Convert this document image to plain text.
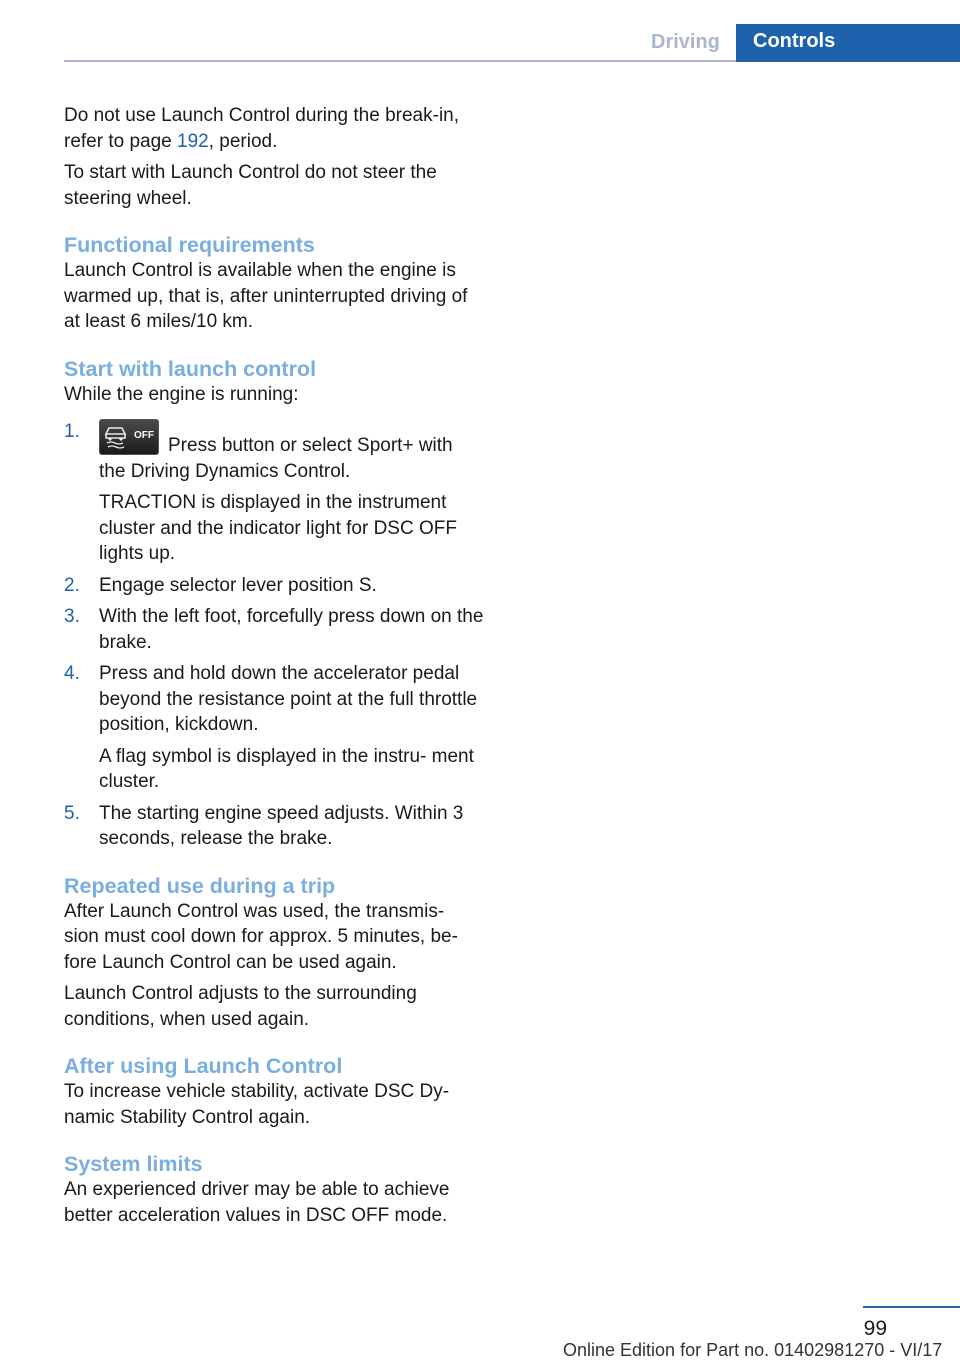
Driving	Controls

Do not use Launch Control during the break-in, refer to page 192, period.

To start with Launch Control do not steer the steering wheel.

Functional requirements

Launch Control is available when the engine is warmed up, that is, after uninterrupted driving of at least 6 miles/10 km.

Start with launch control

While the engine is running:

1.	OFF Press button or select Sport+ with the Driving Dynamics Control.
TRACTION is displayed in the instrument cluster and the indicator light for DSC OFF lights up.
2. Engage selector lever position S.
3. With the left foot, forcefully press down on the brake.
4. Press and hold down the accelerator pedal beyond the resistance point at the full throttle position, kickdown.
A flag symbol is displayed in the instru‐ ment cluster.
5. The starting engine speed adjusts. Within 3 seconds, release the brake.
Repeated use during a trip

After Launch Control was used, the transmis‐ sion must cool down for approx. 5 minutes, be‐ fore Launch Control can be used again.

Launch Control adjusts to the surrounding conditions, when used again.

After using Launch Control

To increase vehicle stability, activate DSC Dy‐ namic Stability Control again.

System limits

An experienced driver may be able to achieve better acceleration values in DSC OFF mode.

99
Online Edition for Part no. 01402981270 - VI/17
